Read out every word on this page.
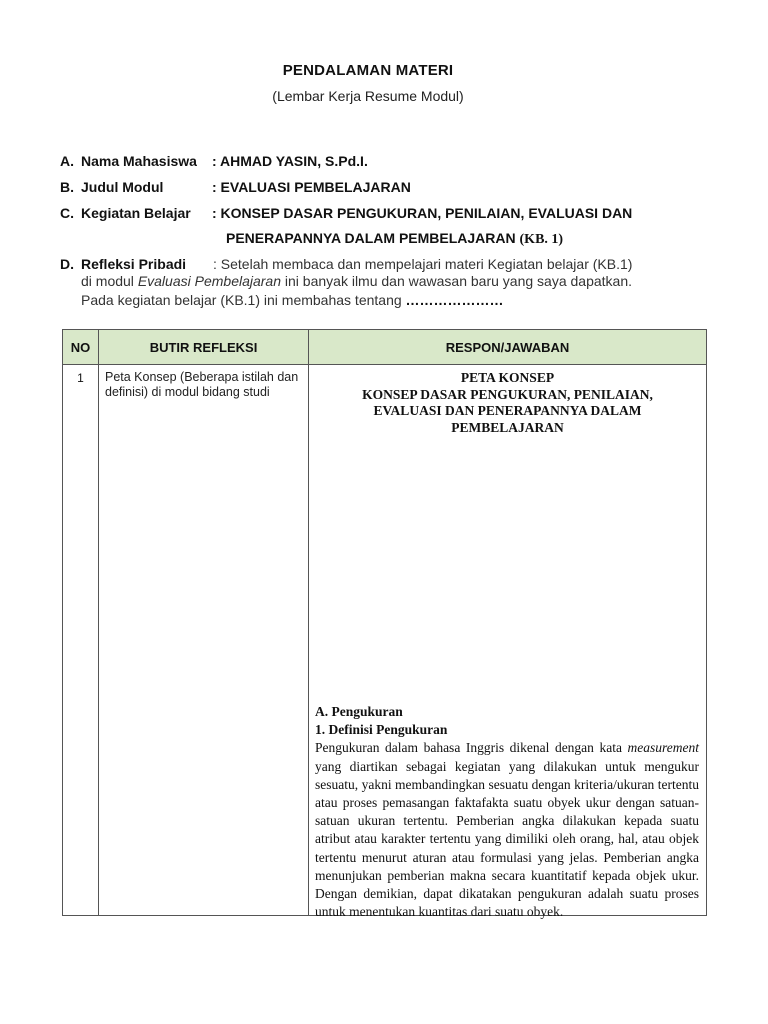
PENDALAMAN MATERI
(Lembar Kerja Resume Modul)
A. Nama Mahasiswa : AHMAD YASIN, S.Pd.I.
B. Judul Modul	: EVALUASI PEMBELAJARAN
C. Kegiatan Belajar : KONSEP DASAR PENGUKURAN, PENILAIAN, EVALUASI DAN
PENERAPANNYA DALAM PEMBELAJARAN (KB. 1)
D. Refleksi Pribadi : Setelah membaca dan mempelajari materi Kegiatan belajar (KB.1)
di modul Evaluasi Pembelajaran ini banyak ilmu dan wawasan baru yang saya dapatkan.
Pada kegiatan belajar (KB.1) ini membahas tentang …………………
NO	BUTIR REFLEKSI	RESPON/JAWABAN
1	Peta Konsep (Beberapa istilah dan definisi) di modul bidang studi	PETA KONSEP
KONSEP DASAR PENGUKURAN, PENILAIAN, EVALUASI DAN PENERAPANNYA DALAM PEMBELAJARAN
A. Pengukuran
1. Definisi Pengukuran

Pengukuran dalam bahasa Inggris dikenal dengan kata measurement yang diartikan sebagai kegiatan yang dilakukan untuk mengukur sesuatu, yakni membandingkan sesuatu dengan kriteria/ukuran tertentu atau proses pemasangan faktafakta suatu obyek ukur dengan satuan-satuan ukuran tertentu. Pemberian angka dilakukan kepada suatu atribut atau karakter tertentu yang dimiliki oleh orang, hal, atau objek tertentu menurut aturan atau formulasi yang jelas. Pemberian angka menunjukan pemberian makna secara kuantitatif kepada objek ukur. Dengan demikian, dapat dikatakan pengukuran adalah suatu proses untuk menentukan kuantitas dari suatu obyek.
